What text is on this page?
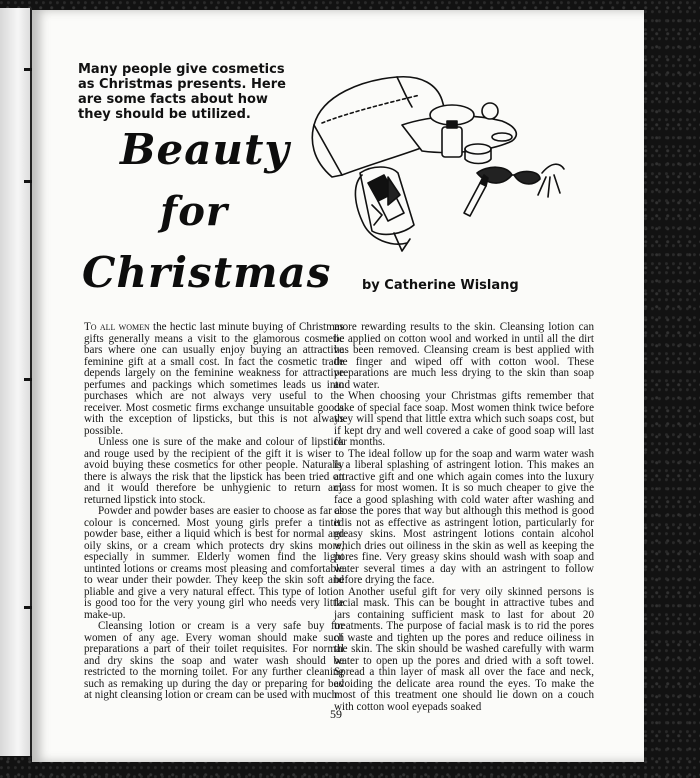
Many people give cosmetics as Christmas presents. Here are some facts about how they should be utilized.
Beauty
for
Christmas by Catherine Wislang

To all women the hectic last minute buying of Christmas gifts generally means a visit to the glamorous cosmetic bars where one can usually enjoy buying an attractive feminine gift at a small cost. In fact the cosmetic trade depends largely on the feminine weakness for attractive perfumes and packings which sometimes leads us into purchases which are not always very useful to the receiver. Most cosmetic firms exchange unsuitable goods with the exception of lipsticks, but this is not always possible.

Unless one is sure of the make and colour of lipstick and rouge used by the recipient of the gift it is wiser to avoid buying these cosmetics for other people. Naturally there is always the risk that the lipstick has been tried on and it would therefore be unhygienic to return any returned lipstick into stock.

Powder and powder bases are easier to choose as far as colour is concerned. Most young girls prefer a tinted powder base, either a liquid which is best for normal and oily skins, or a cream which protects dry skins more, especially in summer. Elderly women find the light untinted lotions or creams most pleasing and comfortable to wear under their powder. They keep the skin soft and pliable and give a very natural effect. This type of lotion is good too for the very young girl who needs very little make-up.

Cleansing lotion or cream is a very safe buy for women of any age. Every woman should make such preparations a part of their toilet requisites. For normal and dry skins the soap and water wash should be restricted to the morning toilet. For any further cleaning such as remaking up during the day or preparing for bed at night cleansing lotion or cream can be used with much

more rewarding results to the skin. Cleansing lotion can be applied on cotton wool and worked in until all the dirt has been removed. Cleansing cream is best applied with the finger and wiped off with cotton wool. These preparations are much less drying to the skin than soap and water.

When choosing your Christmas gifts remember that cake of special face soap. Most women think twice before they will spend that little extra which such soaps cost, but if kept dry and well covered a cake of good soap will last for months.

The ideal follow up for the soap and warm water wash is a liberal splashing of astringent lotion. This makes an attractive gift and one which again comes into the luxury class for most women. It is so much cheaper to give the face a good splashing with cold water after washing and close the pores that way but although this method is good it is not as effective as astringent lotion, particularly for greasy skins. Most astringent lotions contain alcohol which dries out oiliness in the skin as well as keeping the pores fine. Very greasy skins should wash with soap and water several times a day with an astringent to follow before drying the face.

Another useful gift for very oily skinned persons is facial mask. This can be bought in attractive tubes and jars containing sufficient mask to last for about 20 treatments. The purpose of facial mask is to rid the pores of waste and tighten up the pores and reduce oiliness in the skin. The skin should be washed carefully with warm water to open up the pores and dried with a soft towel. Spread a thin layer of mask all over the face and neck, avoiding the delicate area round the eyes. To make the most of this treatment one should lie down on a couch with cotton wool eyepads soaked

59
